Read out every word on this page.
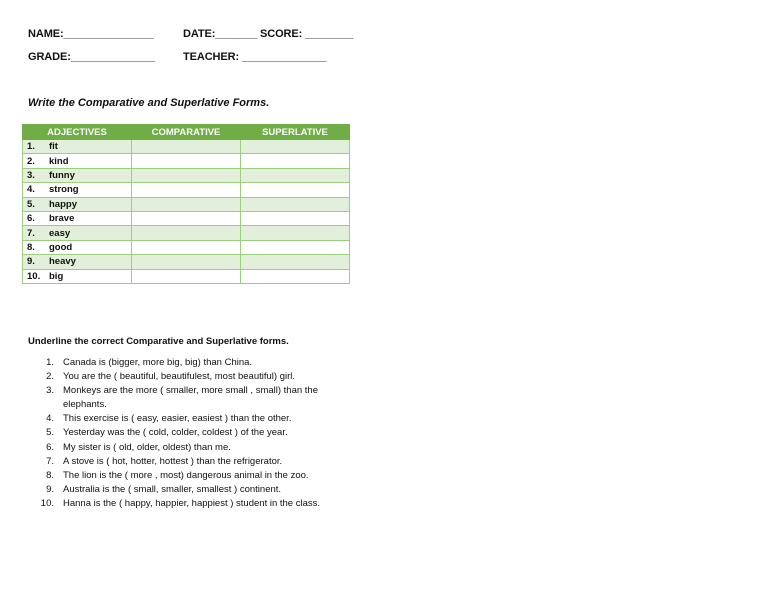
NAME:_______________	DATE:_______ SCORE: ________
GRADE:______________	TEACHER: ______________
Write the Comparative and Superlative Forms.
ADJECTIVES	COMPARATIVE	SUPERLATIVE
1. fit		
2. kind		
3. funny		
4. strong		
5. happy		
6. brave		
7. easy		
8. good		
9. heavy		
10. big		
Underline the correct Comparative and Superlative forms.
1. Canada is (bigger, more big, big) than China.
2. You are the ( beautiful, beautifulest, most beautiful) girl.
3. Monkeys are the more ( smaller, more small , small) than the elephants.
4. This exercise is ( easy, easier, easiest ) than the other.
5. Yesterday was the ( cold, colder, coldest ) of the year.
6. My sister is ( old, older, oldest) than me.
7. A stove is ( hot, hotter, hottest ) than the refrigerator.
8. The lion is the ( more , most) dangerous animal in the zoo.
9. Australia is the ( small, smaller, smallest ) continent.
10. Hanna is the ( happy, happier, happiest ) student in the class.
